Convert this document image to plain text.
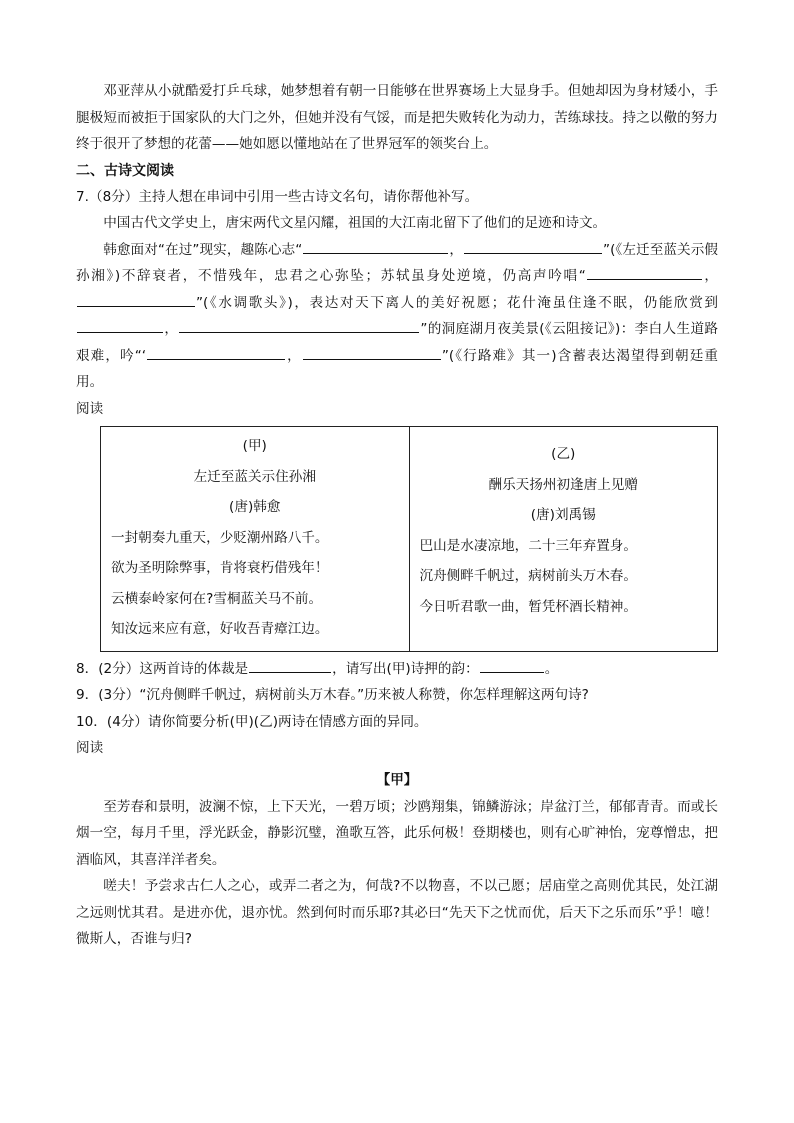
邓亚萍从小就酷爱打乒乓球，她梦想着有朝一日能够在世界赛场上大显身手。但她却因为身材矮小，手腿极短而被拒于国家队的大门之外，但她并没有气馁，而是把失败转化为动力，苦练球技。持之以儆的努力终于很开了梦想的花蕾——她如愿以懂地站在了世界冠军的领奖台上。

二、古诗文阅读

7.（8分）主持人想在串词中引用一些古诗文名句，请你帮他补写。

中国古代文学史上，唐宋两代文星闪耀，祖国的大江南北留下了他们的足迹和诗文。

韩愈面对“在过”现实，趣陈心志“	，	”(《左迁至蓝关示假孙湘》)不辞衰者，不惜残年，忠君之心弥坠；苏轼虽身处逆境，仍高声吟唱“	，”(《水调歌头》)，表达对天下离人的美好祝愿；花什淹虽住逢不眠，仍能欣赏到，	”的洞庭湖月夜美景(《云阻接记》)：李白人生道路艰难，吟“‘	，	”(《行路难》其一)含蓄表达渴望得到朝廷重用。

阅读

(甲)

左迁至蓝关示住孙湘

(唐)韩愈

一封朝奏九重天，少贬潮州路八千。

欲为圣明除弊事，肯将衰朽借残年！

云横泰岭家何在?雪桐蓝关马不前。

知汝远来应有意，好收吾青瘴江边。

(乙)

酬乐天扬州初逢唐上见赠

(唐)刘禹锡

巴山是水凄凉地，二十三年弃置身。

沉舟侧畔千帆过，病树前头万木春。

今日听君歌一曲，暂凭杯酒长精神。

8．(2分）这两首诗的体裁是	，请写出(甲)诗押的韵：	。

9．(3分）“沉舟侧畔千帆过，病树前头万木春。”历来被人称赞，你怎样理解这两句诗?

10．(4分）请你简要分析(甲)(乙)两诗在情感方面的异同。

阅读

【甲】

至芳春和景明，波澜不惊，上下天光，一碧万顷；沙鸥翔集，锦鳞游泳；岸盆汀兰，郁郁青青。而或长烟一空，每月千里，浮光跃金，静影沉璧，渔歌互答，此乐何极！登期楼也，则有心旷神怡，宠尊憎忠，把酒临风，其喜洋洋者矣。

嗟夫！予尝求古仁人之心，或弄二者之为，何哉?不以物喜，不以己愿；居庙堂之高则优其民，处江湖之远则忧其君。是进亦优，退亦忧。然到何时而乐耶?其必曰“先天下之忧而优，后天下之乐而乐”乎！噫！微斯人，否谁与归?
